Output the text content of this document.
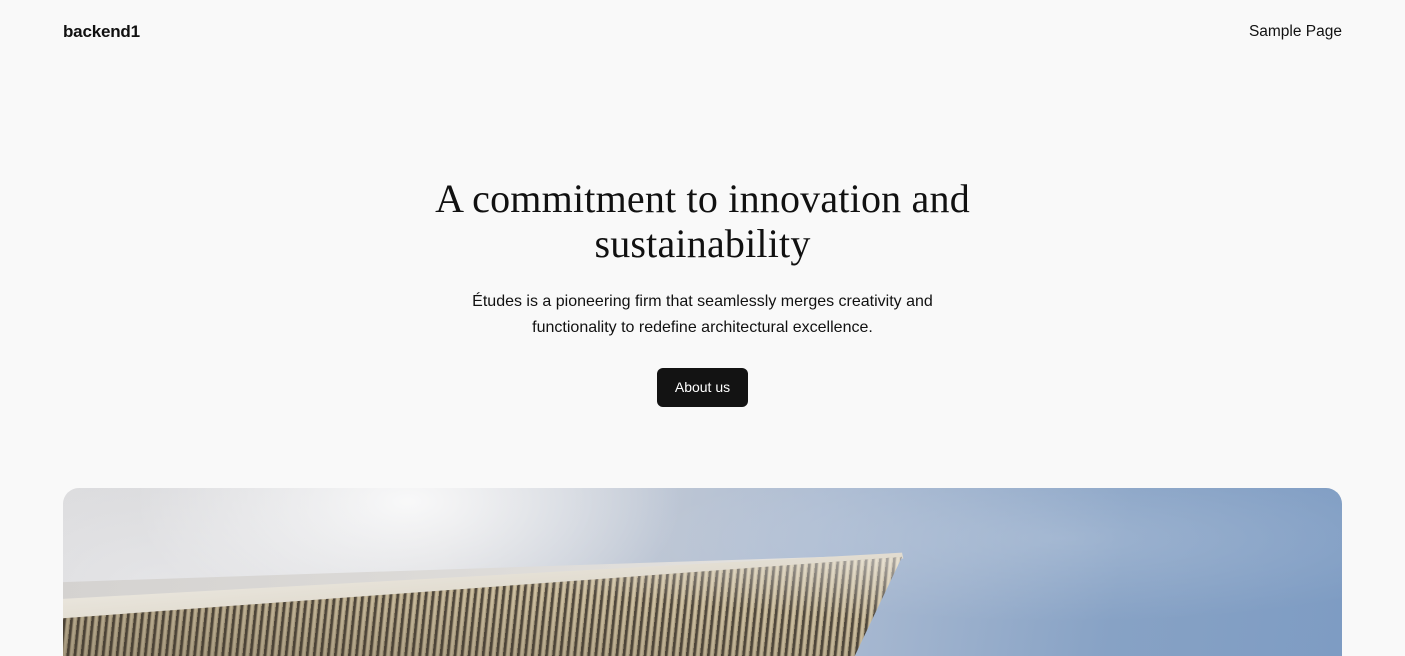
backend1	Sample Page
A commitment to innovation and sustainability

Études is a pioneering firm that seamlessly merges creativity and functionality to redefine architectural excellence.

About us
